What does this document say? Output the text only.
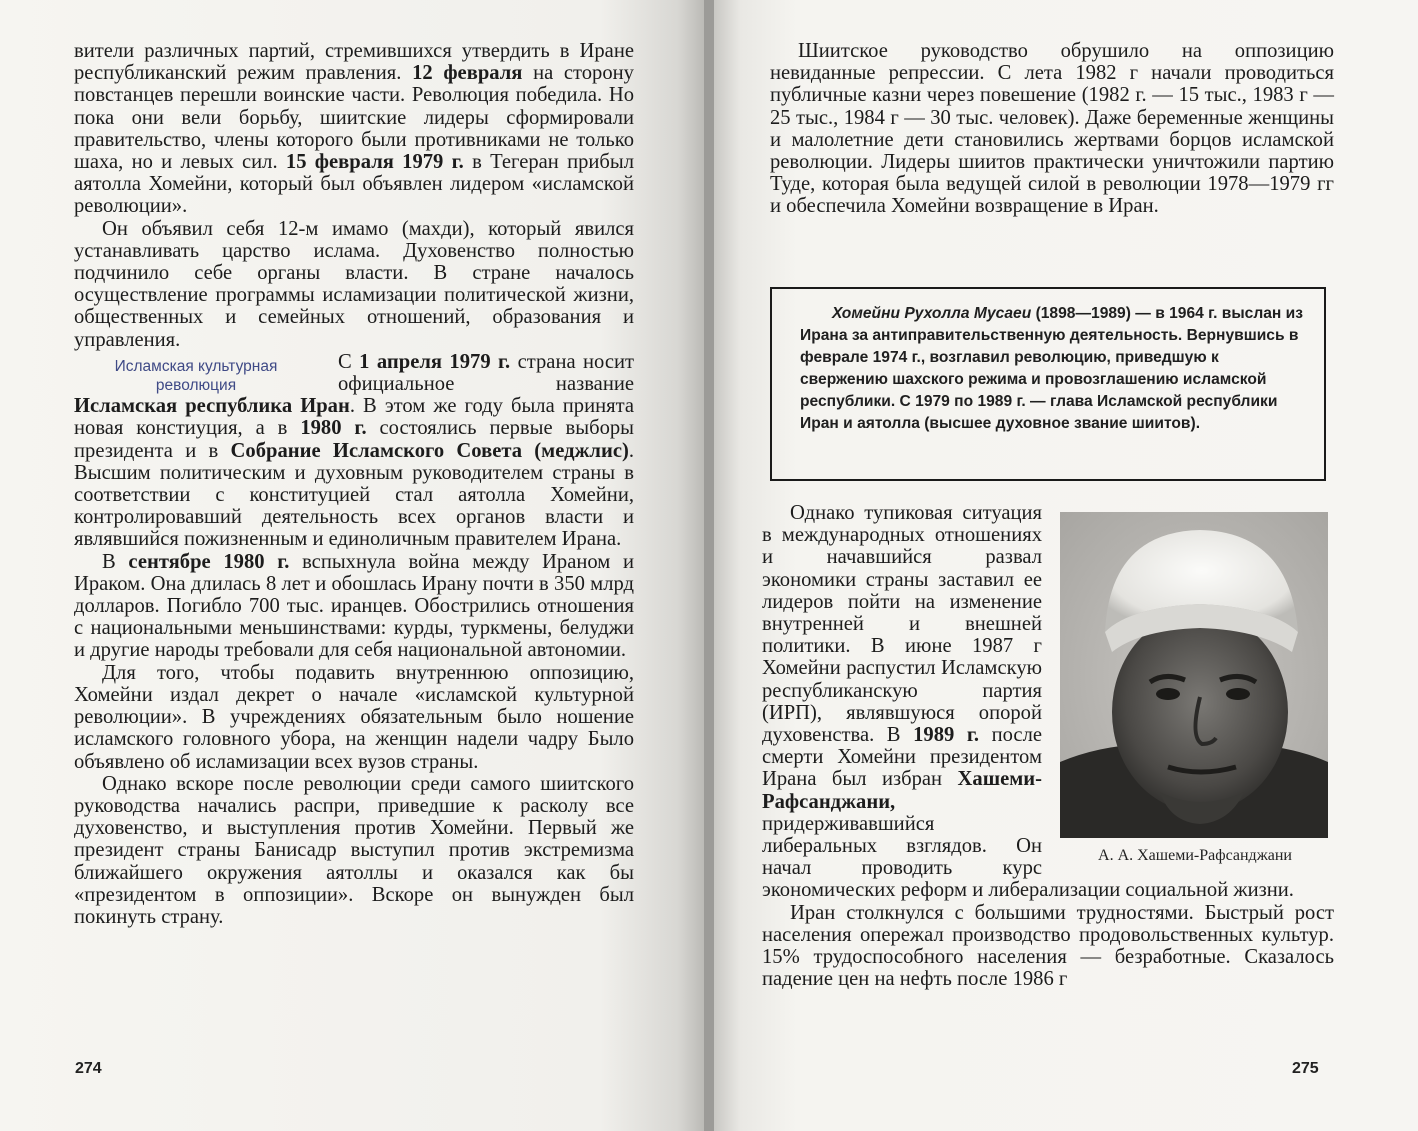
вители различных партий, стремившихся утвердить в Иране республиканский режим правления. 12 февраля на сторону повстанцев перешли воинские части. Революция победила. Но пока они вели борьбу, шиитские лидеры сформировали правительство, члены которого были противниками не только шаха, но и левых сил. 15 февраля 1979 г. в Тегеран прибыл аятолла Хомейни, который был объявлен лидером «исламской революции».

Он объявил себя 12-м имамо (махди), который явился устанавливать царство ислама. Духовенство полностью подчинило себе органы власти. В стране началось осуществление программы исламизации политической жизни, общественных и семейных отношений, образования и управления.

Исламская культурная
революция
С 1 апреля 1979 г. страна носит официальное название Исламская республика Иран. В этом же году была принята новая констиуция, а в 1980 г. состоялись первые выборы президента и в Собрание Исламского Совета (меджлис). Высшим политическим и духовным руководителем страны в соответствии с конституцией стал аятолла Хомейни, контролировавший деятельность всех органов власти и являвшийся пожизненным и единоличным правителем Ирана.

В сентябре 1980 г. вспыхнула война между Ираном и Ираком. Она длилась 8 лет и обошлась Ирану почти в 350 млрд долларов. Погибло 700 тыс. иранцев. Обострились отношения с национальными меньшинствами: курды, туркмены, белуджи и другие народы требовали для себя национальной автономии.

Для того, чтобы подавить внутреннюю оппозицию, Хомейни издал декрет о начале «исламской культурной революции». В учреждениях обязательным было ношение исламского головного убора, на женщин надели чадру Было объявлено об исламизации всех вузов страны.

Однако вскоре после революции среди самого шиитского руководства начались распри, приведшие к расколу все духовенство, и выступления против Хомейни. Первый же президент страны Банисадр выступил против экстремизма ближайшего окружения аятоллы и оказался как бы «президентом в оппозиции». Вскоре он вынужден был покинуть страну.

274

Шиитское руководство обрушило на оппозицию невиданные репрессии. С лета 1982 г начали проводиться публичные казни через повешение (1982 г. — 15 тыс., 1983 г — 25 тыс., 1984 г — 30 тыс. человек). Даже беременные женщины и малолетние дети становились жертвами борцов исламской революции. Лидеры шиитов практически уничтожили партию Туде, которая была ведущей силой в революции 1978—1979 гг и обеспечила Хомейни возвращение в Иран.

Хомейни Рухолла Мусаеи (1898—1989) — в 1964 г. выслан из Ирана за антиправительственную деятельность. Вернувшись в феврале 1974 г., возглавил революцию, приведшую к свержению шахского режима и провозглашению исламской республики. С 1979 по 1989 г. — глава Исламской республики Иран и аятолла (высшее духовное звание шиитов).
А. А. Хашеми-Рафсанджани

Однако тупиковая ситуация в международных отношениях и начавшийся развал экономики страны заставил ее лидеров пойти на изменение внутренней и внешней политики. В июне 1987 г Хомейни распустил Исламскую республиканскую партия (ИРП), являвшуюся опорой духовенства. В 1989 г. после смерти Хомейни президентом Ирана был избран Хашеми-Рафсанджани, придерживавшийся либеральных взглядов. Он начал проводить курс экономических реформ и либерализации социальной жизни.

Иран столкнулся с большими трудностями. Быстрый рост населения опережал производство продовольственных культур. 15% трудоспособного населения — безработные. Сказалось падение цен на нефть после 1986 г

275
